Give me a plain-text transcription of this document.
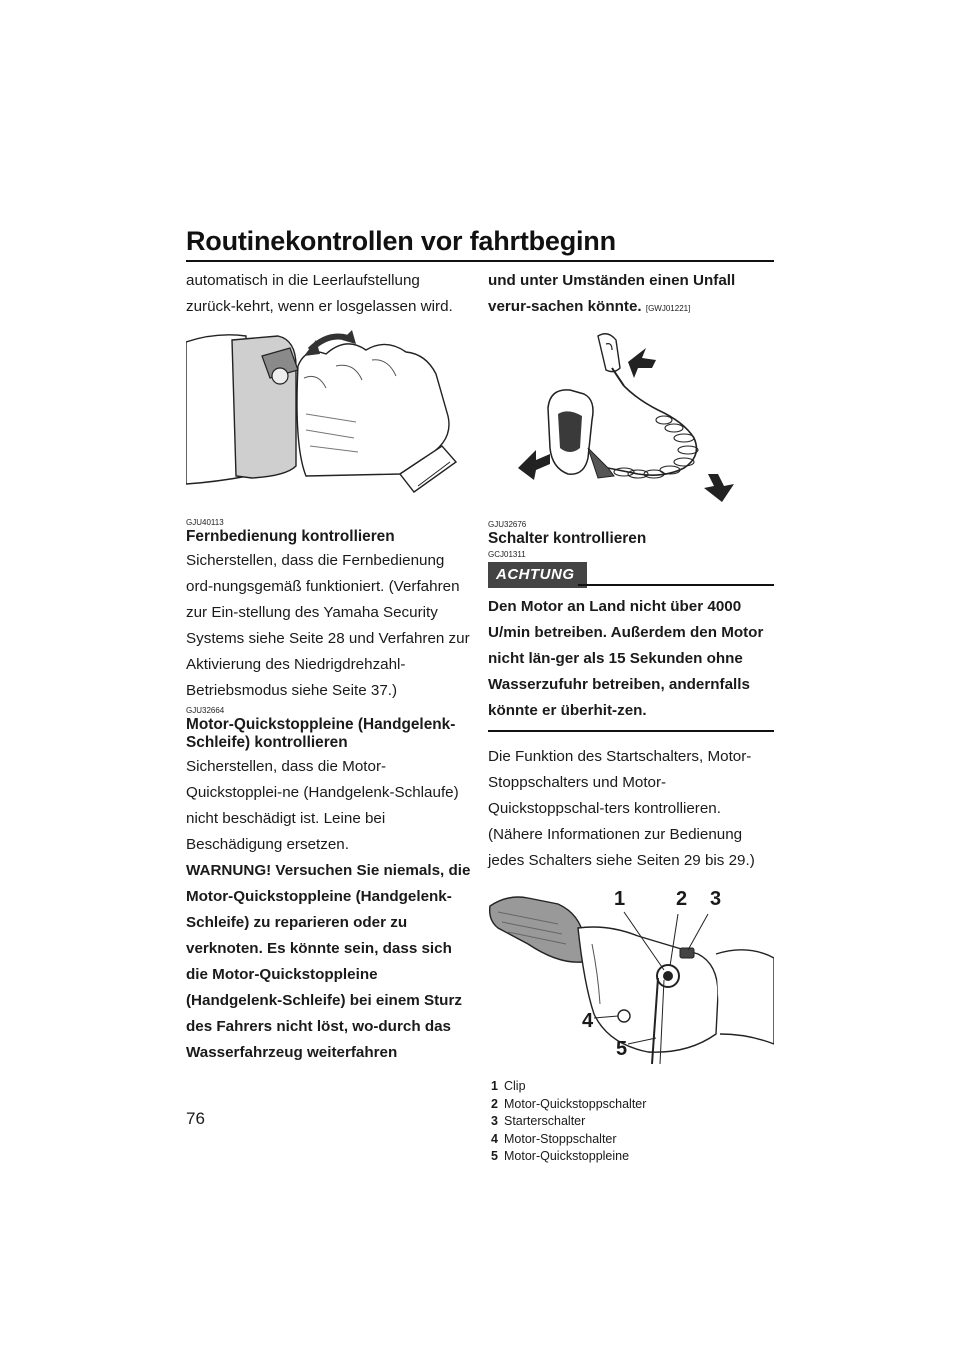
Routinekontrollen vor fahrtbeginn

automatisch in die Leerlaufstellung zurück-kehrt, wenn er losgelassen wird.

GJU40113
Fernbedienung kontrollieren

Sicherstellen, dass die Fernbedienung ord-nungsgemäß funktioniert. (Verfahren zur Ein-stellung des Yamaha Security Systems siehe Seite 28 und Verfahren zur Aktivierung des Niedrigdrehzahl-Betriebsmodus siehe Seite 37.)

GJU32664
Motor-Quickstoppleine (Handgelenk-Schleife) kontrollieren

Sicherstellen, dass die Motor-Quickstopplei-ne (Handgelenk-Schlaufe) nicht beschädigt ist. Leine bei Beschädigung ersetzen.

WARNUNG! Versuchen Sie niemals, die Motor-Quickstoppleine (Handgelenk-Schleife) zu reparieren oder zu verknoten. Es könnte sein, dass sich die Motor-Quickstoppleine (Handgelenk-Schleife) bei einem Sturz des Fahrers nicht löst, wo-durch das Wasserfahrzeug weiterfahren

und unter Umständen einen Unfall verur-sachen könnte. [GWJ01221]

GJU32676
Schalter kontrollieren
GCJ01311
ACHTUNG

Den Motor an Land nicht über 4000 U/min betreiben. Außerdem den Motor nicht län-ger als 15 Sekunden ohne Wasserzufuhr betreiben, andernfalls könnte er überhit-zen.

Die Funktion des Startschalters, Motor-Stoppschalters und Motor-Quickstoppschal-ters kontrollieren. (Nähere Informationen zur Bedienung jedes Schalters siehe Seiten 29 bis 29.)

1	2 3
4
5
1 Clip
2 Motor-Quickstoppschalter
3 Starterschalter
4 Motor-Stoppschalter
5 Motor-Quickstoppleine
76
